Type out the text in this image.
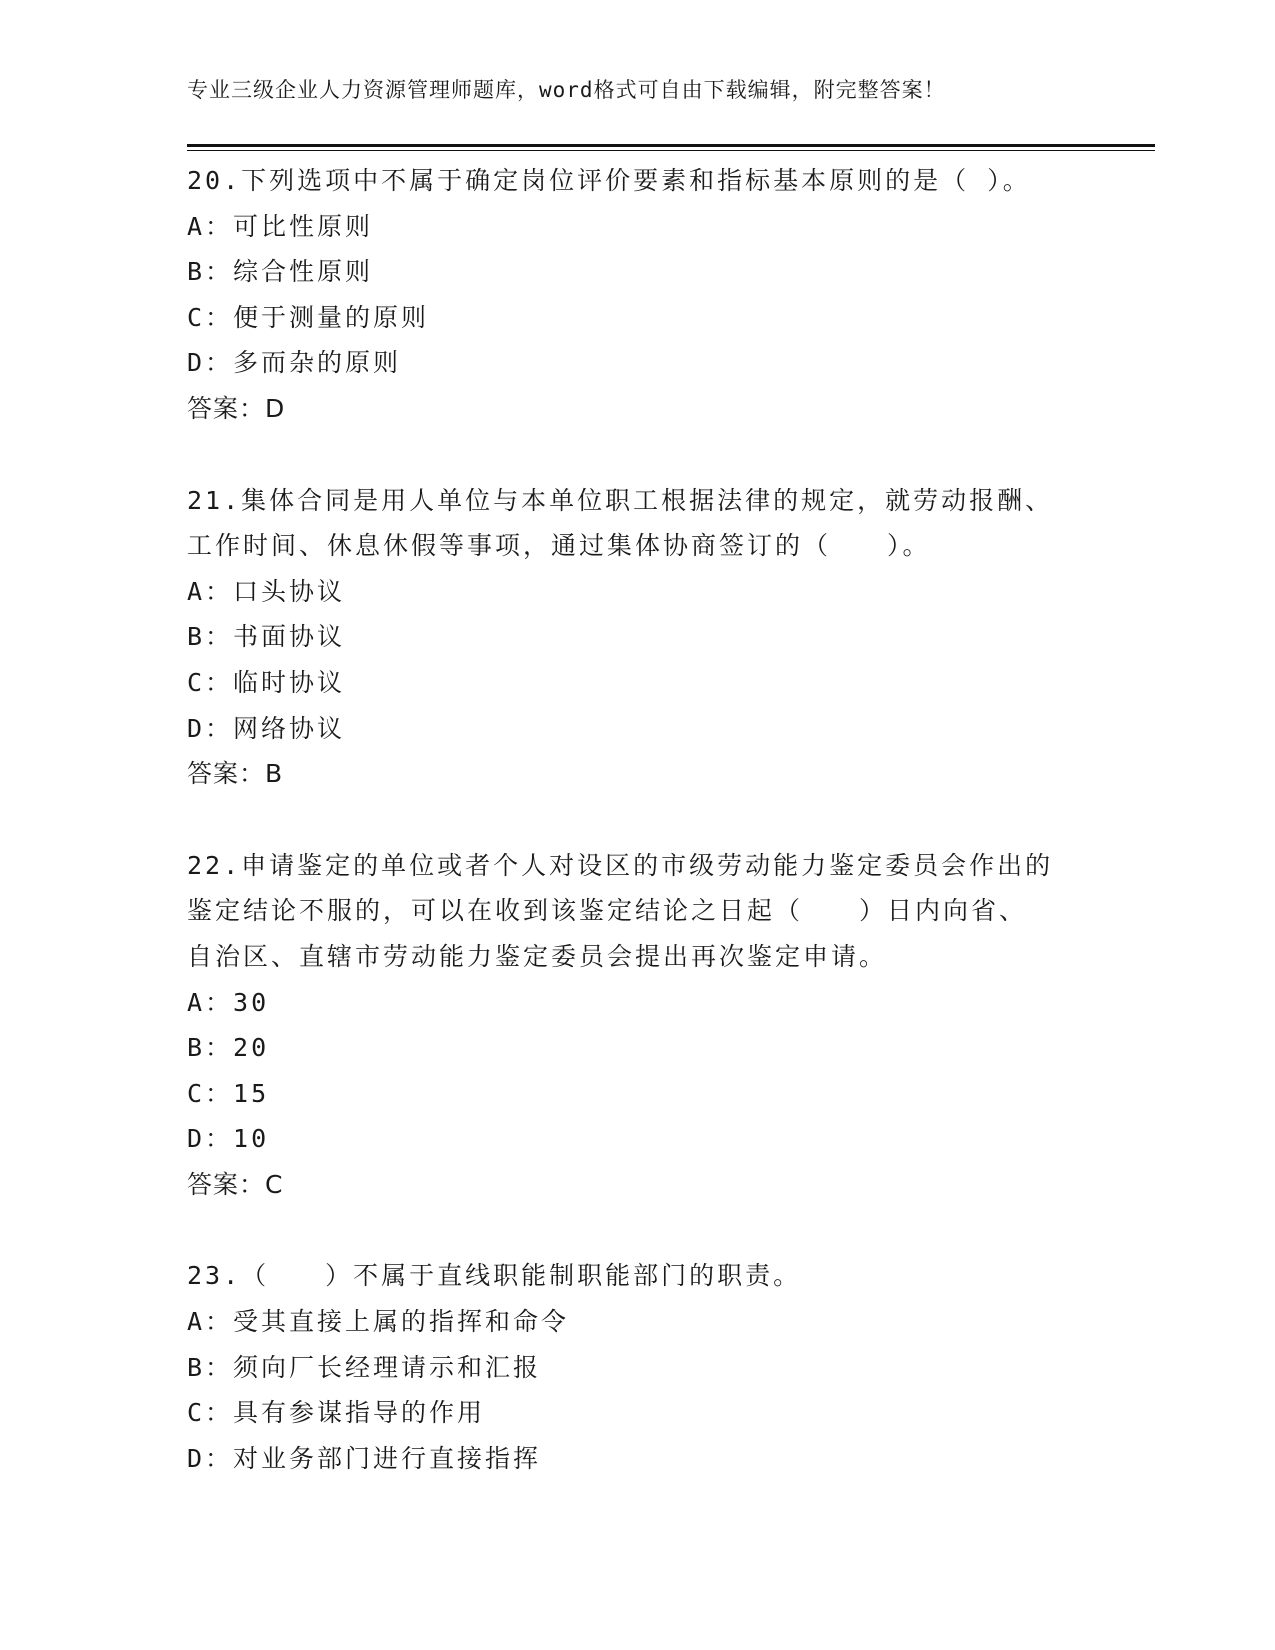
专业三级企业人力资源管理师题库，word格式可自由下载编辑，附完整答案！
20.下列选项中不属于确定岗位评价要素和指标基本原则的是（ ）。
A：可比性原则
B：综合性原则
C：便于测量的原则
D：多而杂的原则
答案：D
21.集体合同是用人单位与本单位职工根据法律的规定，就劳动报酬、
工作时间、休息休假等事项，通过集体协商签订的（　　）。
A：口头协议
B：书面协议
C：临时协议
D：网络协议
答案：B
22.申请鉴定的单位或者个人对设区的市级劳动能力鉴定委员会作出的
鉴定结论不服的，可以在收到该鉴定结论之日起（　　）日内向省、
自治区、直辖市劳动能力鉴定委员会提出再次鉴定申请。
A：30
B：20
C：15
D：10
答案：C
23.（　　）不属于直线职能制职能部门的职责。
A：受其直接上属的指挥和命令
B：须向厂长经理请示和汇报
C：具有参谋指导的作用
D：对业务部门进行直接指挥
